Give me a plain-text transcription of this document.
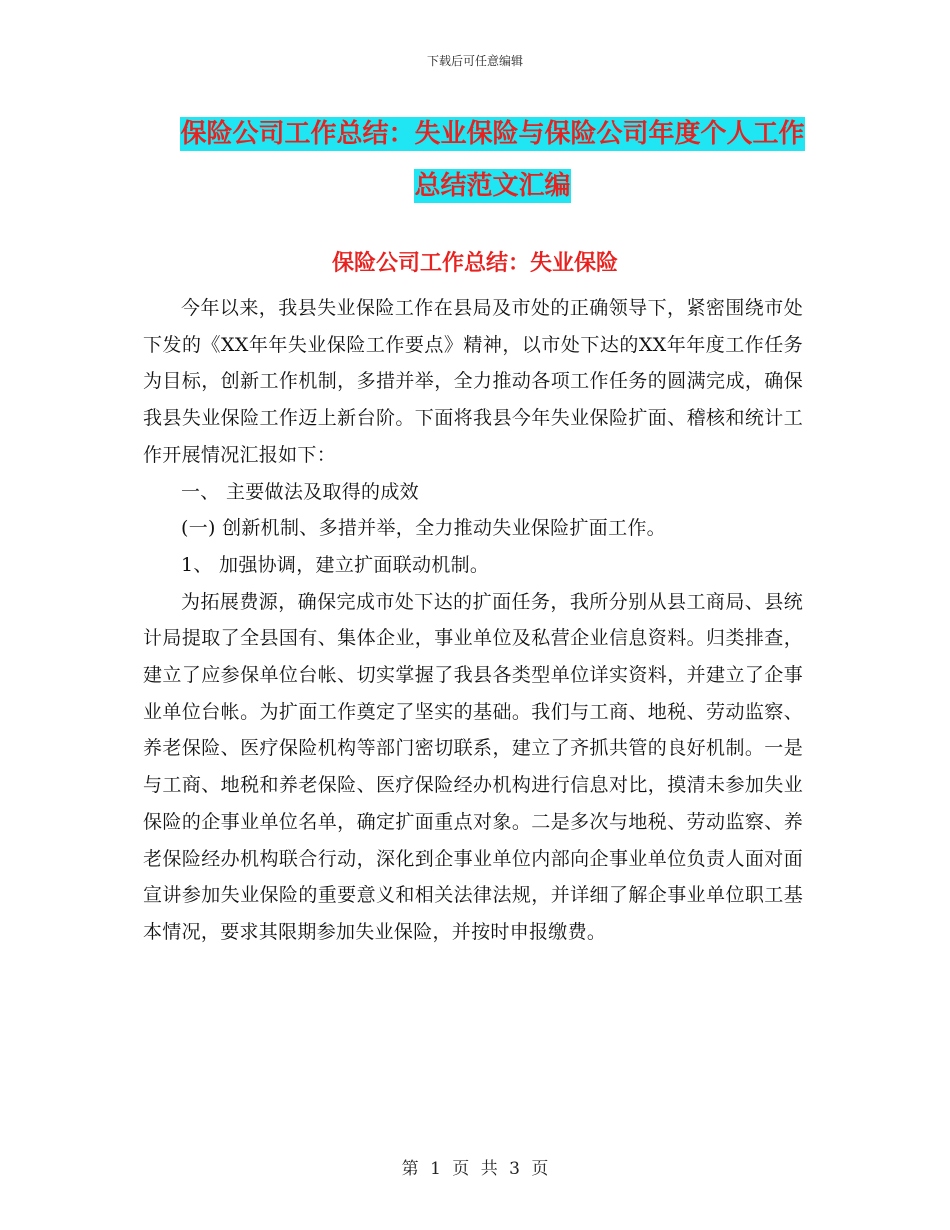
下载后可任意编辑
保险公司工作总结：失业保险与保险公司年度个人工作总结范文汇编
保险公司工作总结：失业保险

今年以来，我县失业保险工作在县局及市处的正确领导下，紧密围绕市处下发的《XX年年失业保险工作要点》精神，以市处下达的XX年年度工作任务为目标，创新工作机制，多措并举，全力推动各项工作任务的圆满完成，确保我县失业保险工作迈上新台阶。下面将我县今年失业保险扩面、稽核和统计工作开展情况汇报如下：

一、 主要做法及取得的成效

(一) 创新机制、多措并举，全力推动失业保险扩面工作。

1、 加强协调，建立扩面联动机制。

为拓展费源，确保完成市处下达的扩面任务，我所分别从县工商局、县统计局提取了全县国有、集体企业，事业单位及私营企业信息资料。归类排查，建立了应参保单位台帐、切实掌握了我县各类型单位详实资料，并建立了企事业单位台帐。为扩面工作奠定了坚实的基础。我们与工商、地税、劳动监察、养老保险、医疗保险机构等部门密切联系，建立了齐抓共管的良好机制。一是与工商、地税和养老保险、医疗保险经办机构进行信息对比，摸清未参加失业保险的企事业单位名单，确定扩面重点对象。二是多次与地税、劳动监察、养老保险经办机构联合行动，深化到企事业单位内部向企事业单位负责人面对面宣讲参加失业保险的重要意义和相关法律法规，并详细了解企事业单位职工基本情况，要求其限期参加失业保险，并按时申报缴费。

第 1 页 共 3 页
